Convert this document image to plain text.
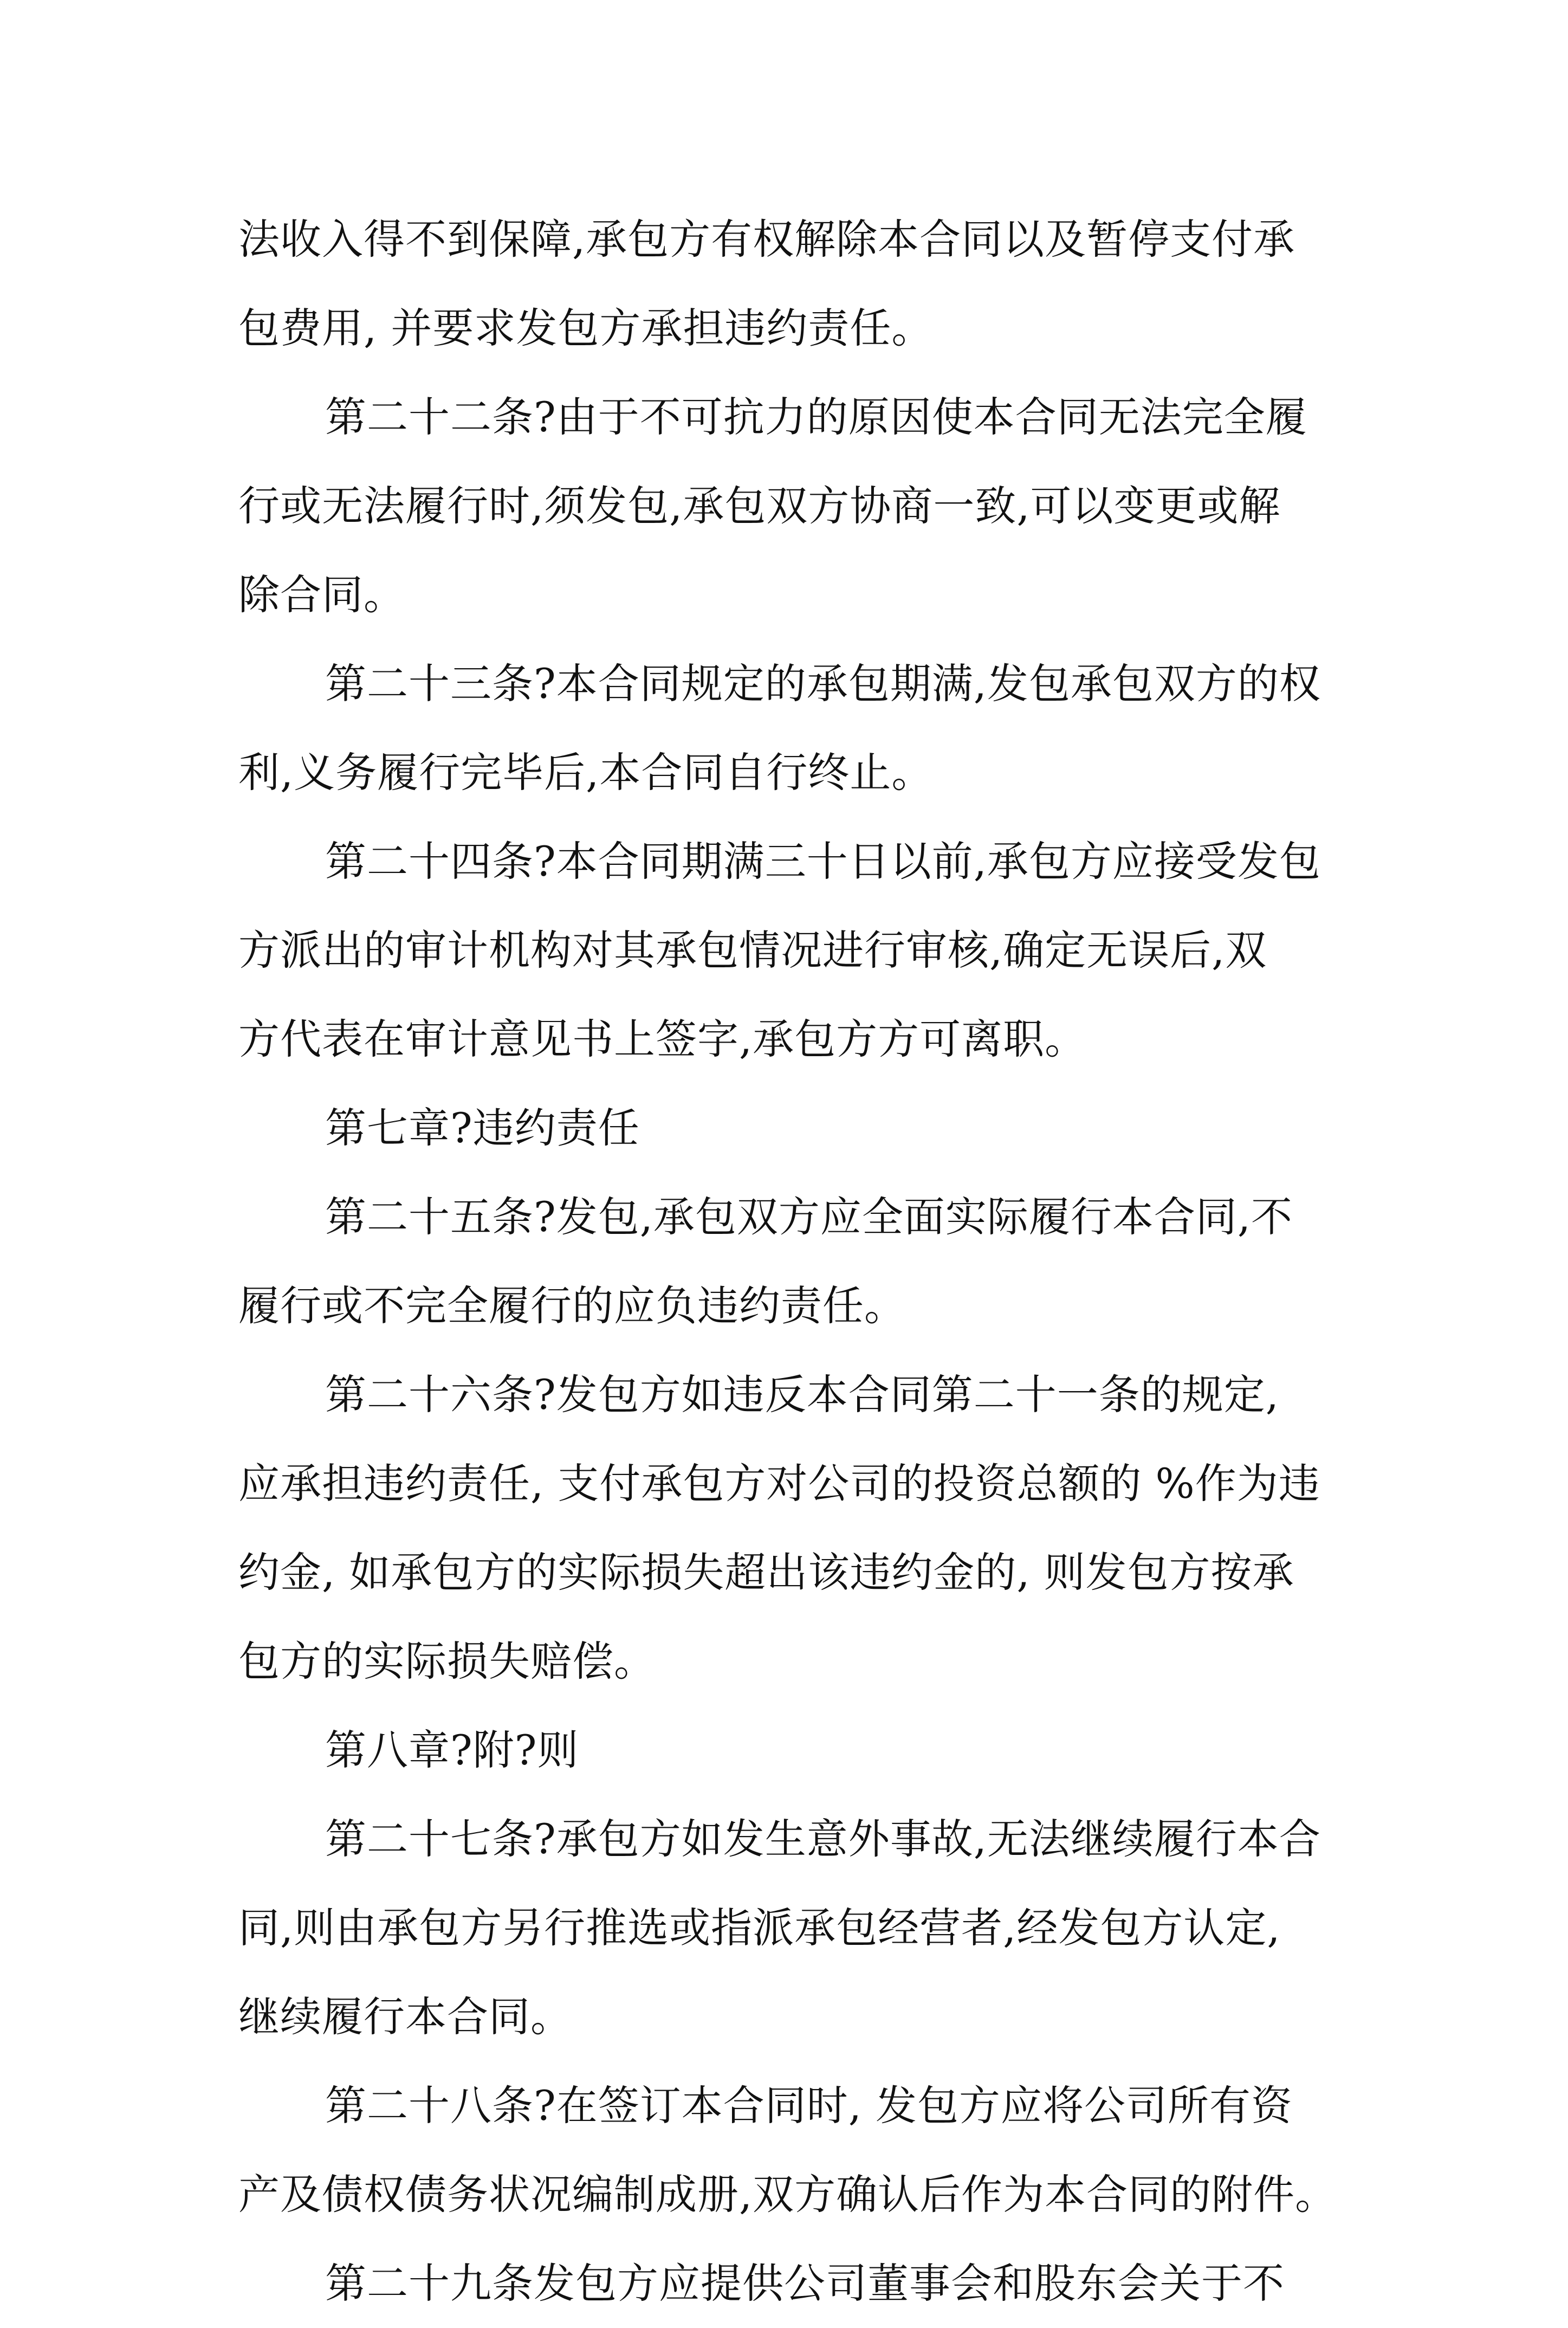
法收入得不到保障,承包方有权解除本合同以及暂停支付承
包费用, 并要求发包方承担违约责任。
第二十二条?由于不可抗力的原因使本合同无法完全履
行或无法履行时,须发包,承包双方协商一致,可以变更或解
除合同。
第二十三条?本合同规定的承包期满,发包承包双方的权
利,义务履行完毕后,本合同自行终止。
第二十四条?本合同期满三十日以前,承包方应接受发包
方派出的审计机构对其承包情况进行审核,确定无误后,双
方代表在审计意见书上签字,承包方方可离职。
第七章?违约责任
第二十五条?发包,承包双方应全面实际履行本合同,不
履行或不完全履行的应负违约责任。
第二十六条?发包方如违反本合同第二十一条的规定,
应承担违约责任, 支付承包方对公司的投资总额的 %作为违
约金, 如承包方的实际损失超出该违约金的, 则发包方按承
包方的实际损失赔偿。
第八章?附?则
第二十七条?承包方如发生意外事故,无法继续履行本合
同,则由承包方另行推选或指派承包经营者,经发包方认定,
继续履行本合同。
第二十八条?在签订本合同时, 发包方应将公司所有资
产及债权债务状况编制成册,双方确认后作为本合同的附件。
第二十九条发包方应提供公司董事会和股东会关于不
